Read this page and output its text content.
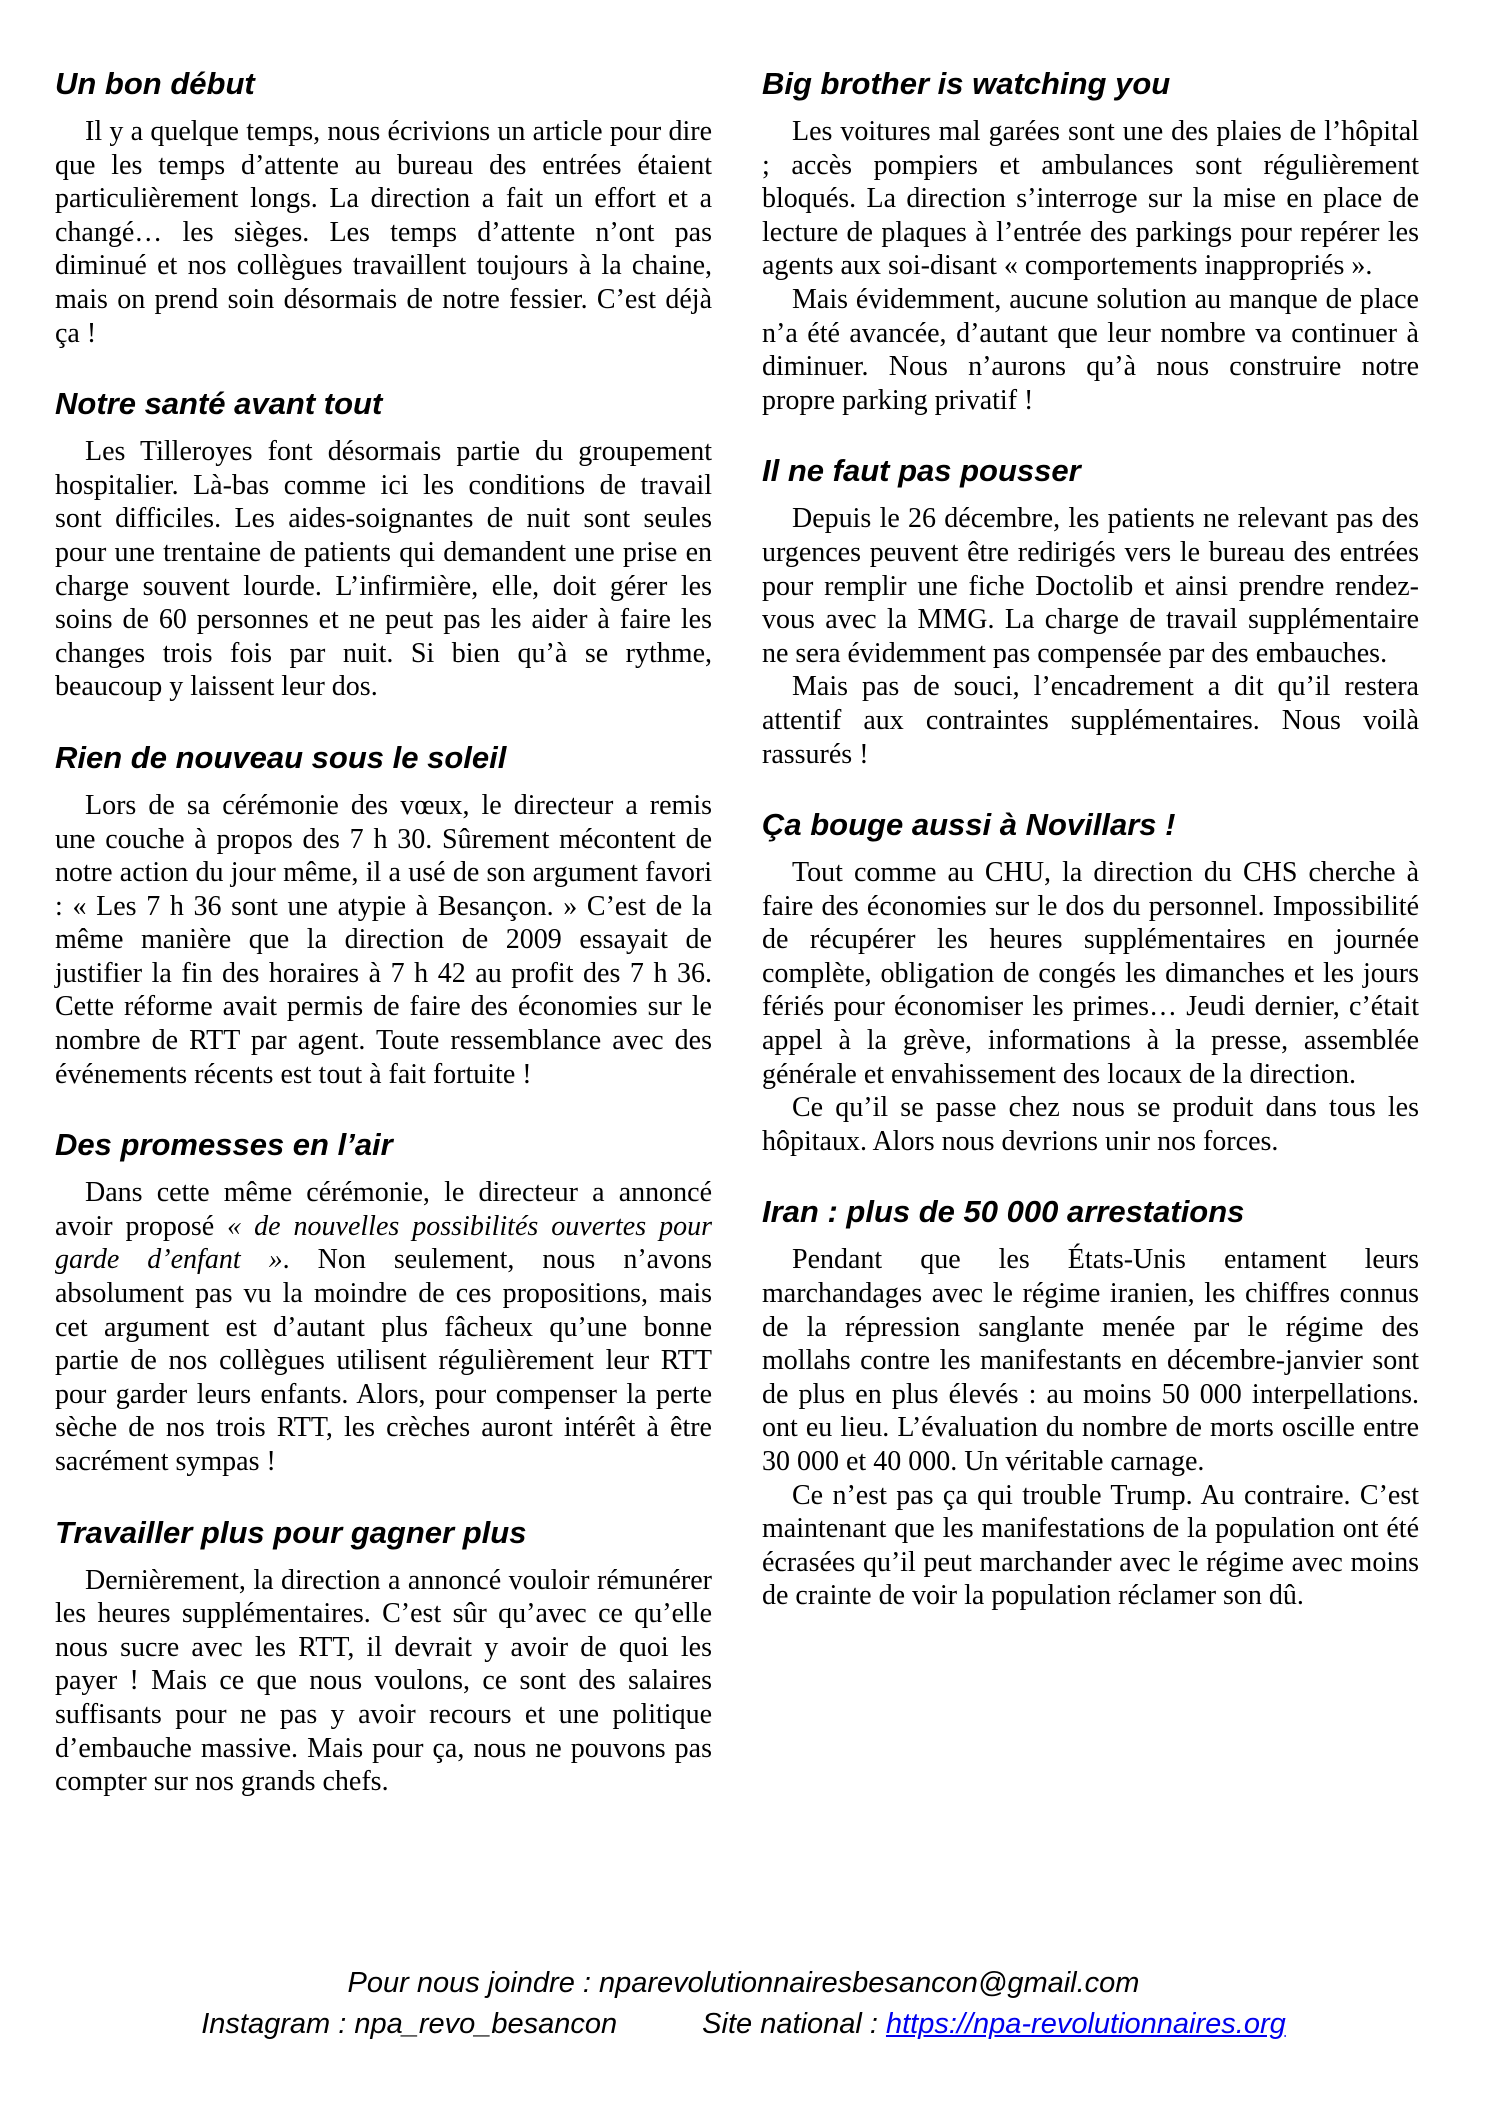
Un bon début

Il y a quelque temps, nous écrivions un article pour dire que les temps d’attente au bureau des entrées étaient particulièrement longs. La direction a fait un effort et a changé… les sièges. Les temps d’attente n’ont pas diminué et nos collègues travaillent toujours à la chaine, mais on prend soin désormais de notre fessier. C’est déjà ça !

Notre santé avant tout

Les Tilleroyes font désormais partie du groupement hospitalier. Là-bas comme ici les conditions de travail sont difficiles. Les aides-soignantes de nuit sont seules pour une trentaine de patients qui demandent une prise en charge souvent lourde. L’infirmière, elle, doit gérer les soins de 60 personnes et ne peut pas les aider à faire les changes trois fois par nuit. Si bien qu’à se rythme, beaucoup y laissent leur dos.

Rien de nouveau sous le soleil

Lors de sa cérémonie des vœux, le directeur a remis une couche à propos des 7 h 30. Sûrement mécontent de notre action du jour même, il a usé de son argument favori : « Les 7 h 36 sont une atypie à Besançon. » C’est de la même manière que la direction de 2009 essayait de justifier la fin des horaires à 7 h 42 au profit des 7 h 36. Cette réforme avait permis de faire des économies sur le nombre de RTT par agent. Toute ressemblance avec des événements récents est tout à fait fortuite !

Des promesses en l’air

Dans cette même cérémonie, le directeur a annoncé avoir proposé « de nouvelles possibilités ouvertes pour garde d’enfant ». Non seulement, nous n’avons absolument pas vu la moindre de ces propositions, mais cet argument est d’autant plus fâcheux qu’une bonne partie de nos collègues utilisent régulièrement leur RTT pour garder leurs enfants. Alors, pour compenser la perte sèche de nos trois RTT, les crèches auront intérêt à être sacrément sympas !

Travailler plus pour gagner plus

Dernièrement, la direction a annoncé vouloir rémunérer les heures supplémentaires. C’est sûr qu’avec ce qu’elle nous sucre avec les RTT, il devrait y avoir de quoi les payer ! Mais ce que nous voulons, ce sont des salaires suffisants pour ne pas y avoir recours et une politique d’embauche massive. Mais pour ça, nous ne pouvons pas compter sur nos grands chefs.

Big brother is watching you

Les voitures mal garées sont une des plaies de l’hôpital ; accès pompiers et ambulances sont régulièrement bloqués. La direction s’interroge sur la mise en place de lecture de plaques à l’entrée des parkings pour repérer les agents aux soi-disant « comportements inappropriés ».

Mais évidemment, aucune solution au manque de place n’a été avancée, d’autant que leur nombre va continuer à diminuer. Nous n’aurons qu’à nous construire notre propre parking privatif !

Il ne faut pas pousser

Depuis le 26 décembre, les patients ne relevant pas des urgences peuvent être redirigés vers le bureau des entrées pour remplir une fiche Doctolib et ainsi prendre rendez-vous avec la MMG. La charge de travail supplémentaire ne sera évidemment pas compensée par des embauches.

Mais pas de souci, l’encadrement a dit qu’il restera attentif aux contraintes supplémentaires. Nous voilà rassurés !

Ça bouge aussi à Novillars !

Tout comme au CHU, la direction du CHS cherche à faire des économies sur le dos du personnel. Impossibilité de récupérer les heures supplémentaires en journée complète, obligation de congés les dimanches et les jours fériés pour économiser les primes… Jeudi dernier, c’était appel à la grève, informations à la presse, assemblée générale et envahissement des locaux de la direction.

Ce qu’il se passe chez nous se produit dans tous les hôpitaux. Alors nous devrions unir nos forces.

Iran : plus de 50 000 arrestations

Pendant que les États-Unis entament leurs marchandages avec le régime iranien, les chiffres connus de la répression sanglante menée par le régime des mollahs contre les manifestants en décembre-janvier sont de plus en plus élevés : au moins 50 000 interpellations. ont eu lieu. L’évaluation du nombre de morts oscille entre 30 000 et 40 000. Un véritable carnage.

Ce n’est pas ça qui trouble Trump. Au contraire. C’est maintenant que les manifestations de la population ont été écrasées qu’il peut marchander avec le régime avec moins de crainte de voir la population réclamer son dû.

Pour nous joindre : nparevolutionnairesbesancon@gmail.com
Instagram : npa_revo_besancon	Site national : https://npa-revolutionnaires.org
